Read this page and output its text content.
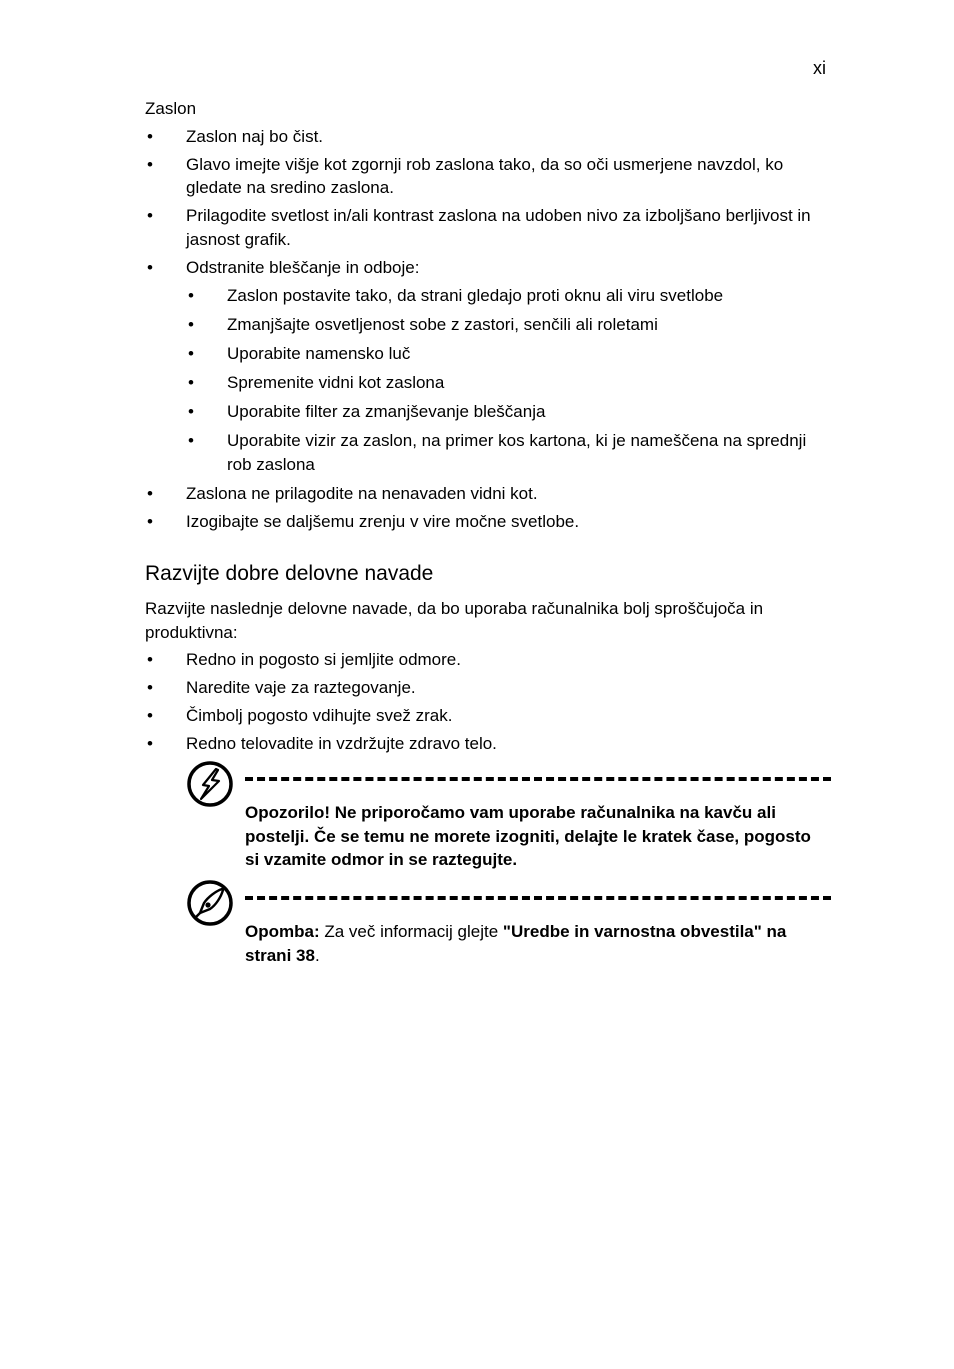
xi
Zaslon
• Zaslon naj bo čist.
• Glavo imejte višje kot zgornji rob zaslona tako, da so oči usmerjene navzdol, ko gledate na sredino zaslona.
• Prilagodite svetlost in/ali kontrast zaslona na udoben nivo za izboljšano berljivost in jasnost grafik.
• Odstranite bleščanje in odboje:
• Zaslon postavite tako, da strani gledajo proti oknu ali viru svetlobe
• Zmanjšajte osvetljenost sobe z zastori, senčili ali roletami
• Uporabite namensko luč
• Spremenite vidni kot zaslona
• Uporabite filter za zmanjševanje bleščanja
• Uporabite vizir za zaslon, na primer kos kartona, ki je nameščena na sprednji rob zaslona
• Zaslona ne prilagodite na nenavaden vidni kot.
• Izogibajte se daljšemu zrenju v vire močne svetlobe.
Razvijte dobre delovne navade

Razvijte naslednje delovne navade, da bo uporaba računalnika bolj sproščujoča in produktivna:

• Redno in pogosto si jemljite odmore.
• Naredite vaje za raztegovanje.
• Čimbolj pogosto vdihujte svež zrak.
• Redno telovadite in vzdržujte zdravo telo.
Opozorilo! Ne priporočamo vam uporabe računalnika na kavču ali postelji. Če se temu ne morete izogniti, delajte le kratek čase, pogosto si vzamite odmor in se raztegujte.
Opomba: Za več informacij glejte "Uredbe in varnostna obvestila" na strani 38.
